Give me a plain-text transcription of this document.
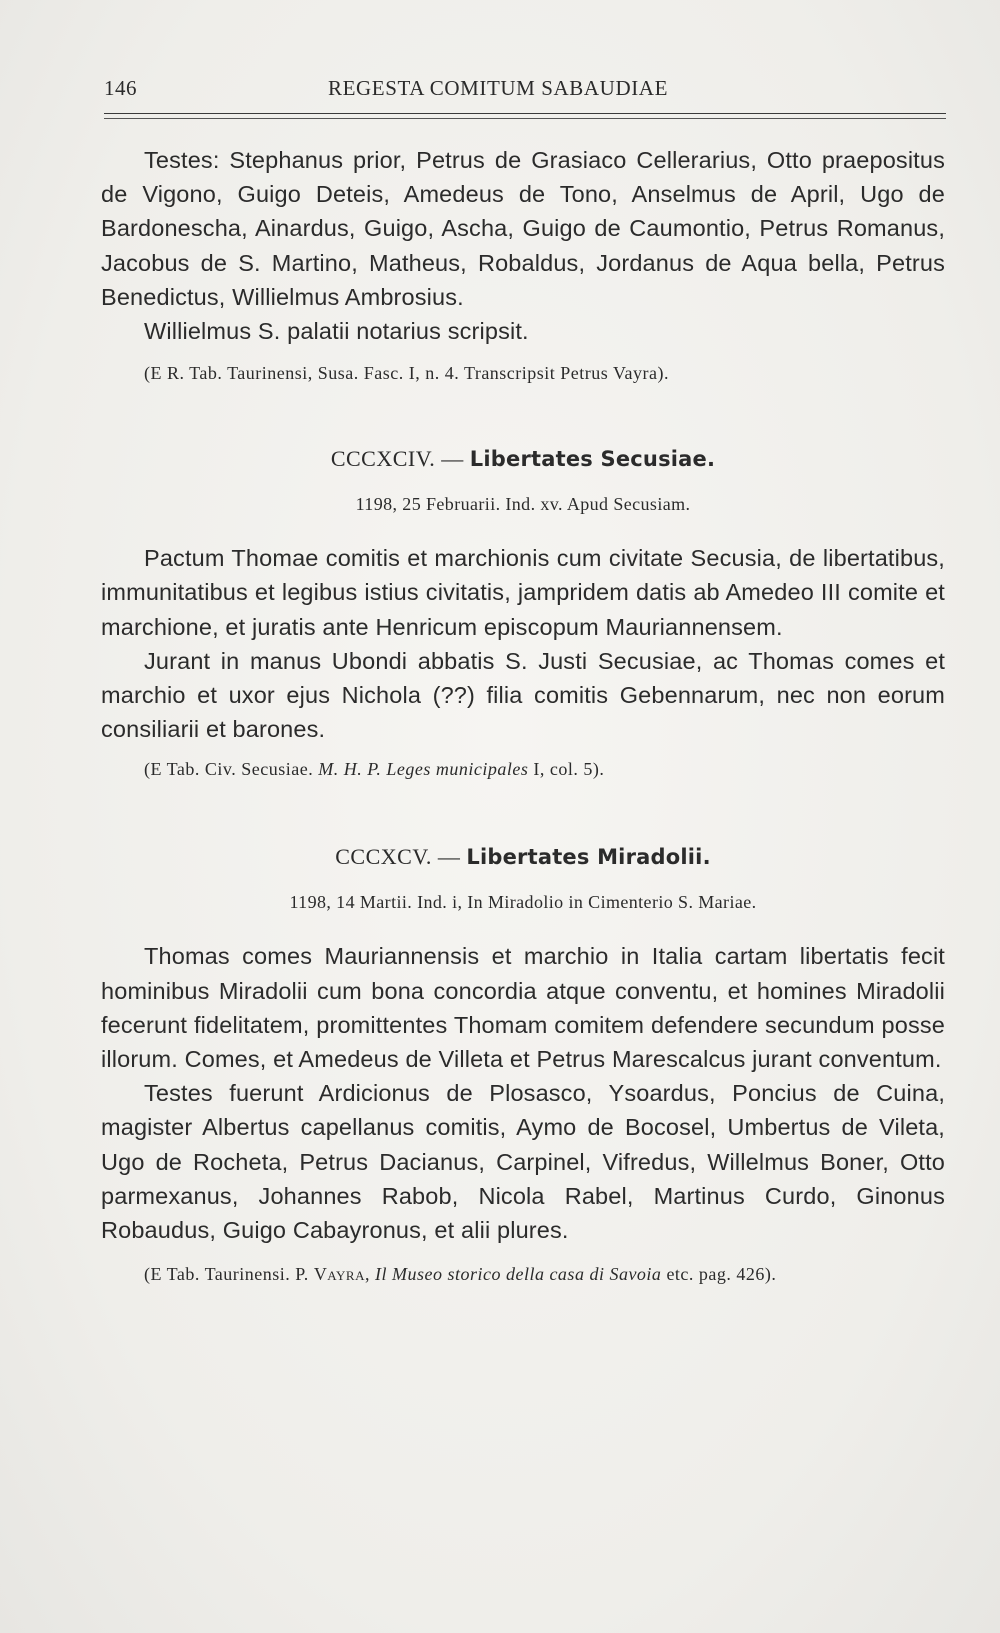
146	REGESTA COMITUM SABAUDIAE

Testes: Stephanus prior, Petrus de Grasiaco Cellerarius, Otto praepositus de Vigono, Guigo Deteis, Amedeus de Tono, Anselmus de April, Ugo de Bardonescha, Ainardus, Guigo, Ascha, Guigo de Caumontio, Petrus Romanus, Jacobus de S. Martino, Matheus, Robaldus, Jordanus de Aqua bella, Petrus Benedictus, Willielmus Ambrosius.

Willielmus S. palatii notarius scripsit.

(E R. Tab. Taurinensi, Susa. Fasc. I, n. 4. Transcripsit Petrus Vayra).

CCCXCIV. — Libertates Secusiae.

1198, 25 Februarii. Ind. xv. Apud Secusiam.

Pactum Thomae comitis et marchionis cum civitate Secusia, de libertatibus, immunitatibus et legibus istius civitatis, jampridem datis ab Amedeo III comite et marchione, et juratis ante Henricum episcopum Mauriannensem.

Jurant in manus Ubondi abbatis S. Justi Secusiae, ac Thomas comes et marchio et uxor ejus Nichola (??) filia comitis Gebennarum, nec non eorum consiliarii et barones.

(E Tab. Civ. Secusiae. M. H. P. Leges municipales I, col. 5).

CCCXCV. — Libertates Miradolii.

1198, 14 Martii. Ind. i, In Miradolio in Cimenterio S. Mariae.

Thomas comes Mauriannensis et marchio in Italia cartam libertatis fecit hominibus Miradolii cum bona concordia atque conventu, et homines Miradolii fecerunt fidelitatem, promittentes Thomam comitem defendere secundum posse illorum. Comes, et Amedeus de Villeta et Petrus Marescalcus jurant conventum.

Testes fuerunt Ardicionus de Plosasco, Ysoardus, Poncius de Cuina, magister Albertus capellanus comitis, Aymo de Bocosel, Umbertus de Vileta, Ugo de Rocheta, Petrus Dacianus, Carpinel, Vifredus, Willelmus Boner, Otto parmexanus, Johannes Rabob, Nicola Rabel, Martinus Curdo, Ginonus Robaudus, Guigo Cabayronus, et alii plures.

(E Tab. Taurinensi. P. Vayra, Il Museo storico della casa di Savoia etc. pag. 426).
